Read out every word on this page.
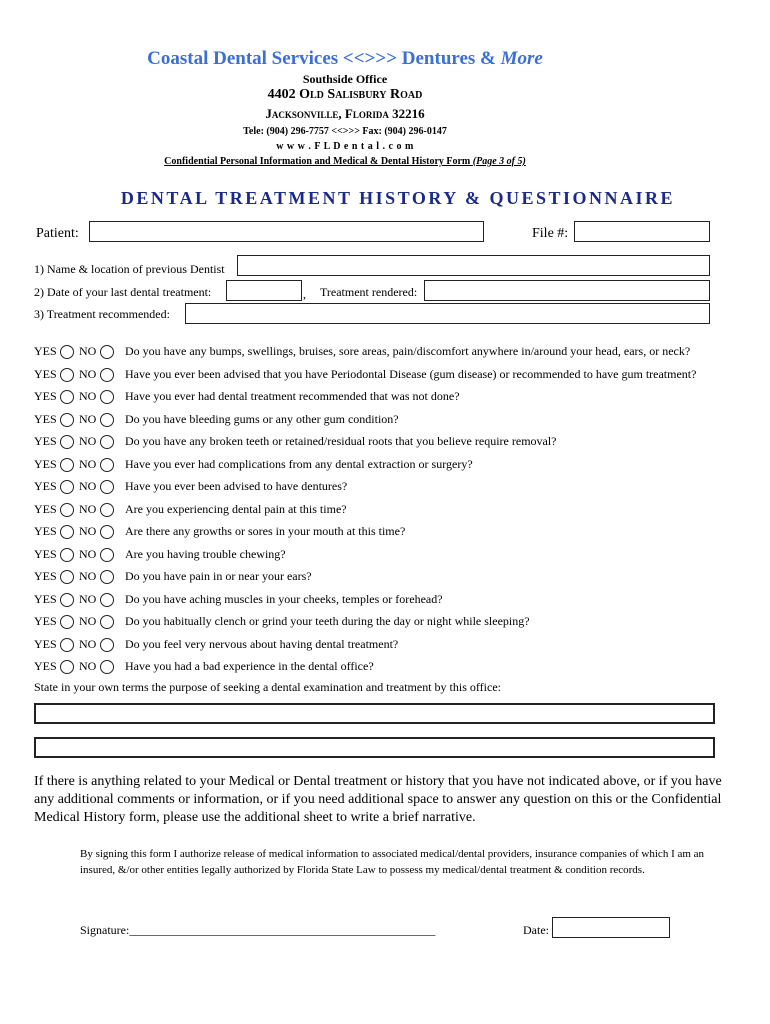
Coastal Dental Services <<>>> Dentures & More
Southside Office
4402 Old Salisbury Road
Jacksonville, Florida 32216
Tele: (904) 296-7757 <<>>> Fax: (904) 296-0147
w w w . F L D e n t a l . c o m
Confidential Personal Information and Medical & Dental History Form (Page 3 of 5)
DENTAL TREATMENT HISTORY & QUESTIONNAIRE
Patient:	File #:
1) Name & location of previous Dentist
2) Date of your last dental treatment:	, Treatment rendered:
3) Treatment recommended:
YES NO Do you have any bumps, swellings, bruises, sore areas, pain/discomfort anywhere in/around your head, ears, or neck?
YES NO Have you ever been advised that you have Periodontal Disease (gum disease) or recommended to have gum treatment?
YES NO Have you ever had dental treatment recommended that was not done?
YES NO Do you have bleeding gums or any other gum condition?
YES NO Do you have any broken teeth or retained/residual roots that you believe require removal?
YES NO Have you ever had complications from any dental extraction or surgery?
YES NO Have you ever been advised to have dentures?
YES NO Are you experiencing dental pain at this time?
YES NO Are there any growths or sores in your mouth at this time?
YES NO Are you having trouble chewing?
YES NO Do you have pain in or near your ears?
YES NO Do you have aching muscles in your cheeks, temples or forehead?
YES NO Do you habitually clench or grind your teeth during the day or night while sleeping?
YES NO Do you feel very nervous about having dental treatment?
YES NO Have you had a bad experience in the dental office?
State in your own terms the purpose of seeking a dental examination and treatment by this office:
If there is anything related to your Medical or Dental treatment or history that you have not indicated above, or if you have any additional comments or information, or if you need additional space to answer any question on this or the Confidential Medical History form, please use the additional sheet to write a brief narrative.
By signing this form I authorize release of medical information to associated medical/dental providers, insurance companies of which I am an insured, &/or other entities legally authorized by Florida State Law to possess my medical/dental treatment & condition records.
Signature:___________________________________________________	Date:
